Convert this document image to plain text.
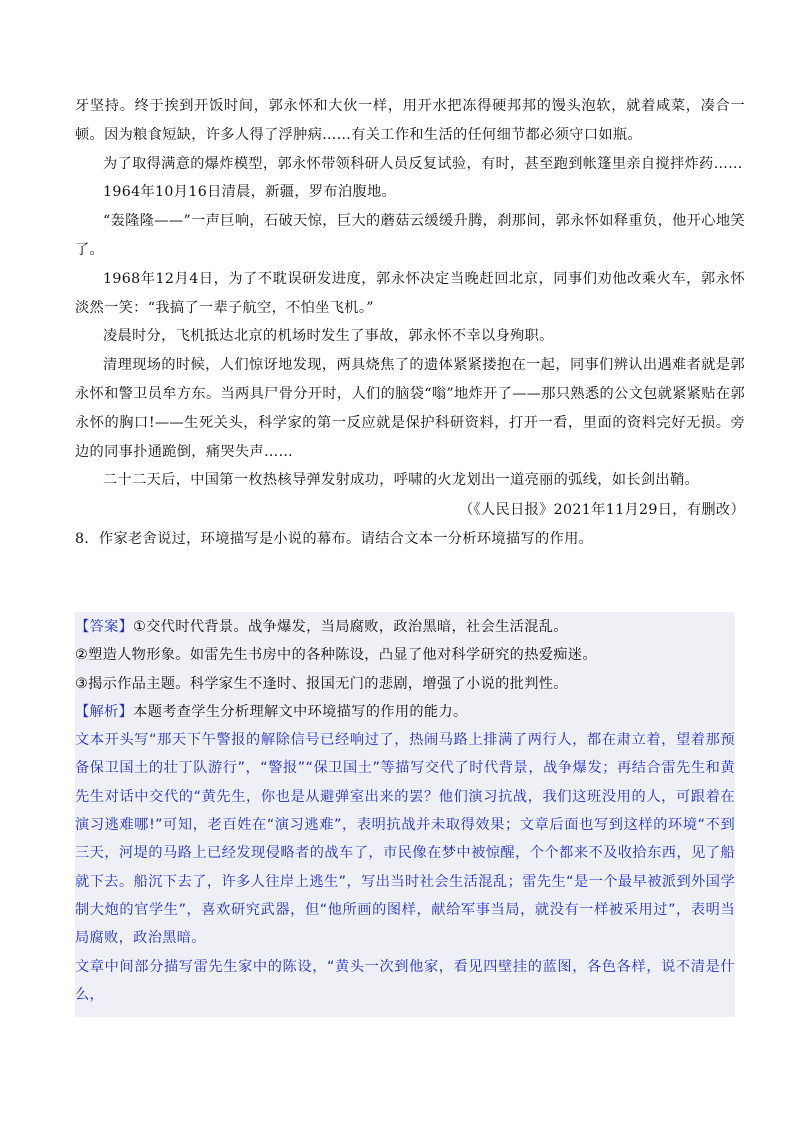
牙坚持。终于挨到开饭时间，郭永怀和大伙一样，用开水把冻得硬邦邦的馒头泡软，就着咸菜，凑合一顿。因为粮食短缺，许多人得了浮肿病……有关工作和生活的任何细节都必须守口如瓶。

为了取得满意的爆炸模型，郭永怀带领科研人员反复试验，有时，甚至跑到帐篷里亲自搅拌炸药……

1964年10月16日清晨，新疆，罗布泊腹地。

“轰隆隆——”一声巨响，石破天惊，巨大的蘑菇云缓缓升腾，刹那间，郭永怀如释重负，他开心地笑了。

1968年12月4日，为了不耽误研发进度，郭永怀决定当晚赶回北京，同事们劝他改乘火车，郭永怀淡然一笑：“我搞了一辈子航空，不怕坐飞机。”

凌晨时分，飞机抵达北京的机场时发生了事故，郭永怀不幸以身殉职。

清理现场的时候，人们惊讶地发现，两具烧焦了的遗体紧紧搂抱在一起，同事们辨认出遇难者就是郭永怀和警卫员牟方东。当两具尸骨分开时，人们的脑袋“嗡”地炸开了——那只熟悉的公文包就紧紧贴在郭永怀的胸口!——生死关头，科学家的第一反应就是保护科研资料，打开一看，里面的资料完好无损。旁边的同事扑通跪倒，痛哭失声……

二十二天后，中国第一枚热核导弹发射成功，呼啸的火龙划出一道亮丽的弧线，如长剑出鞘。

（《人民日报》2021年11月29日，有删改）

8．作家老舍说过，环境描写是小说的幕布。请结合文本一分析环境描写的作用。

【答案】①交代时代背景。战争爆发，当局腐败，政治黑暗，社会生活混乱。

②塑造人物形象。如雷先生书房中的各种陈设，凸显了他对科学研究的热爱痴迷。

③揭示作品主题。科学家生不逢时、报国无门的悲剧，增强了小说的批判性。

【解析】本题考查学生分析理解文中环境描写的作用的能力。

文本开头写“那天下午警报的解除信号已经响过了，热闹马路上排满了两行人，都在肃立着，望着那预备保卫国土的壮丁队游行”，“警报”“保卫国土”等描写交代了时代背景，战争爆发；再结合雷先生和黄先生对话中交代的“黄先生，你也是从避弹室出来的罢？他们演习抗战，我们这班没用的人，可跟着在演习逃难哪!”可知，老百姓在“演习逃难”，表明抗战并未取得效果；文章后面也写到这样的环境“不到三天，河堤的马路上已经发现侵略者的战车了，市民像在梦中被惊醒，个个都来不及收拾东西，见了船就下去。船沉下去了，许多人往岸上逃生”，写出当时社会生活混乱；雷先生“是一个最早被派到外国学制大炮的官学生”，喜欢研究武器，但“他所画的图样，献给军事当局，就没有一样被采用过”，表明当局腐败，政治黑暗。

文章中间部分描写雷先生家中的陈设，“黄头一次到他家，看见四壁挂的蓝图，各色各样，说不清是什么，
